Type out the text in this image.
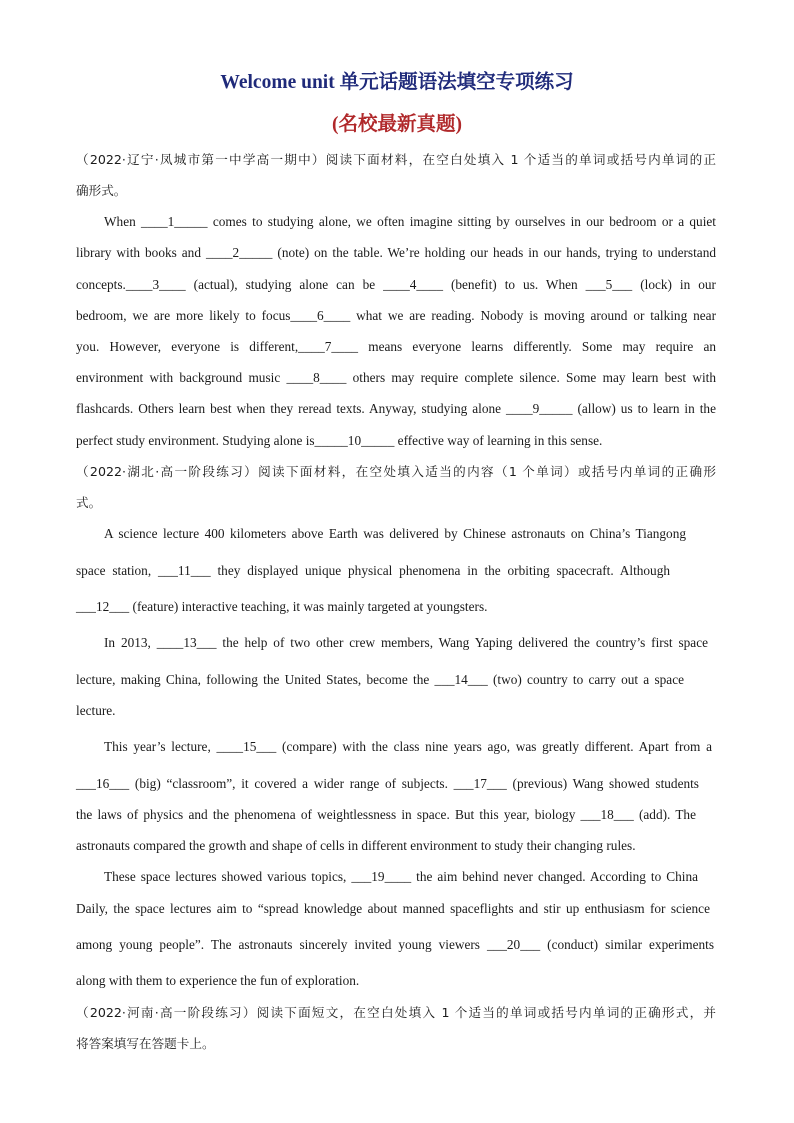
Welcome unit 单元话题语法填空专项练习
(名校最新真题)
（2022·辽宁·凤城市第一中学高一期中）阅读下面材料，在空白处填入 1 个适当的单词或括号内单词的正
确形式。
When ____1_____ comes to studying alone, we often imagine sitting by ourselves in our bedroom or a quiet
library with books and ____2_____ (note) on the table. We’re holding our heads in our hands, trying to understand
concepts.____3____ (actual), studying alone can be ____4____ (benefit) to us. When ___5___ (lock) in our
bedroom, we are more likely to focus____6____ what we are reading. Nobody is moving around or talking near
you. However, everyone is different,____7____ means everyone learns differently. Some may require an
environment with background music ____8____ others may require complete silence. Some may learn best with
flashcards. Others learn best when they reread texts. Anyway, studying alone ____9_____ (allow) us to learn in the
perfect study environment. Studying alone is_____10_____ effective way of learning in this sense.
（2022·湖北·高一阶段练习）阅读下面材料，在空处填入适当的内容（1 个单词）或括号内单词的正确形
式。
A science lecture 400 kilometers above Earth was delivered by Chinese astronauts on China’s Tiangong
space station, ___11___ they displayed unique physical phenomena in the orbiting spacecraft. Although
___12___ (feature) interactive teaching, it was mainly targeted at youngsters.
In 2013, ____13___ the help of two other crew members, Wang Yaping delivered the country’s first space
lecture, making China, following the United States, become the ___14___ (two) country to carry out a space
lecture.
This year’s lecture, ____15___ (compare) with the class nine years ago, was greatly different. Apart from a
___16___ (big) “classroom”, it covered a wider range of subjects. ___17___ (previous) Wang showed students
the laws of physics and the phenomena of weightlessness in space. But this year, biology ___18___ (add). The
astronauts compared the growth and shape of cells in different environment to study their changing rules.
These space lectures showed various topics, ___19____ the aim behind never changed. According to China
Daily, the space lectures aim to “spread knowledge about manned spaceflights and stir up enthusiasm for science
among young people”. The astronauts sincerely invited young viewers ___20___ (conduct) similar experiments
along with them to experience the fun of exploration.
（2022·河南·高一阶段练习）阅读下面短文，在空白处填入 1 个适当的单词或括号内单词的正确形式，并
将答案填写在答题卡上。
